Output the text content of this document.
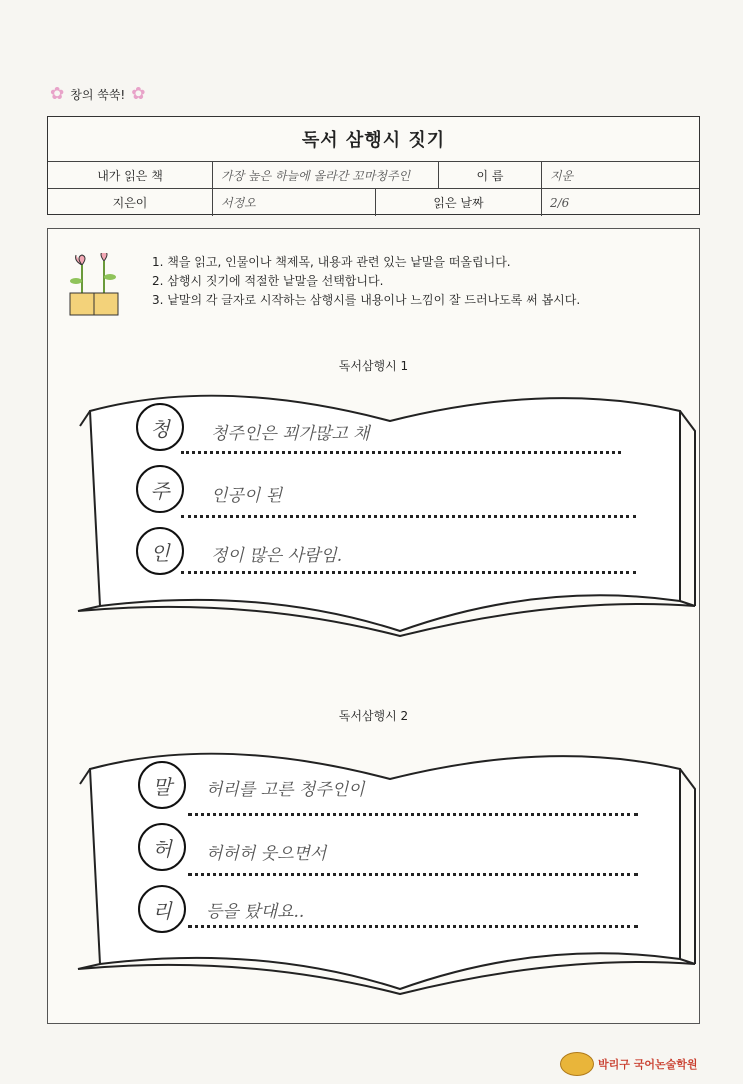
✿ 창의 쑥쑥! ✿
독서 삼행시 짓기
내가 읽은 책	가장 높은 하늘에 올라간 꼬마청주인	이 름	지운
지은이	서정오	읽은 날짜	2/6
1. 책을 읽고, 인물이나 책제목, 내용과 관련 있는 낱말을 떠올립니다.
2. 삼행시 짓기에 적절한 낱말을 선택합니다.
3. 낱말의 각 글자로 시작하는 삼행시를 내용이나 느낌이 잘 드러나도록 써 봅시다.
독서삼행시 1
청	청주인은 꾀가많고 채
주	인공이 된
인	정이 많은 사람임.
독서삼행시 2
말	허리를 고른 청주인이
허	허허허 웃으면서
리	등을 탔대요..
박리구 국어논술학원
